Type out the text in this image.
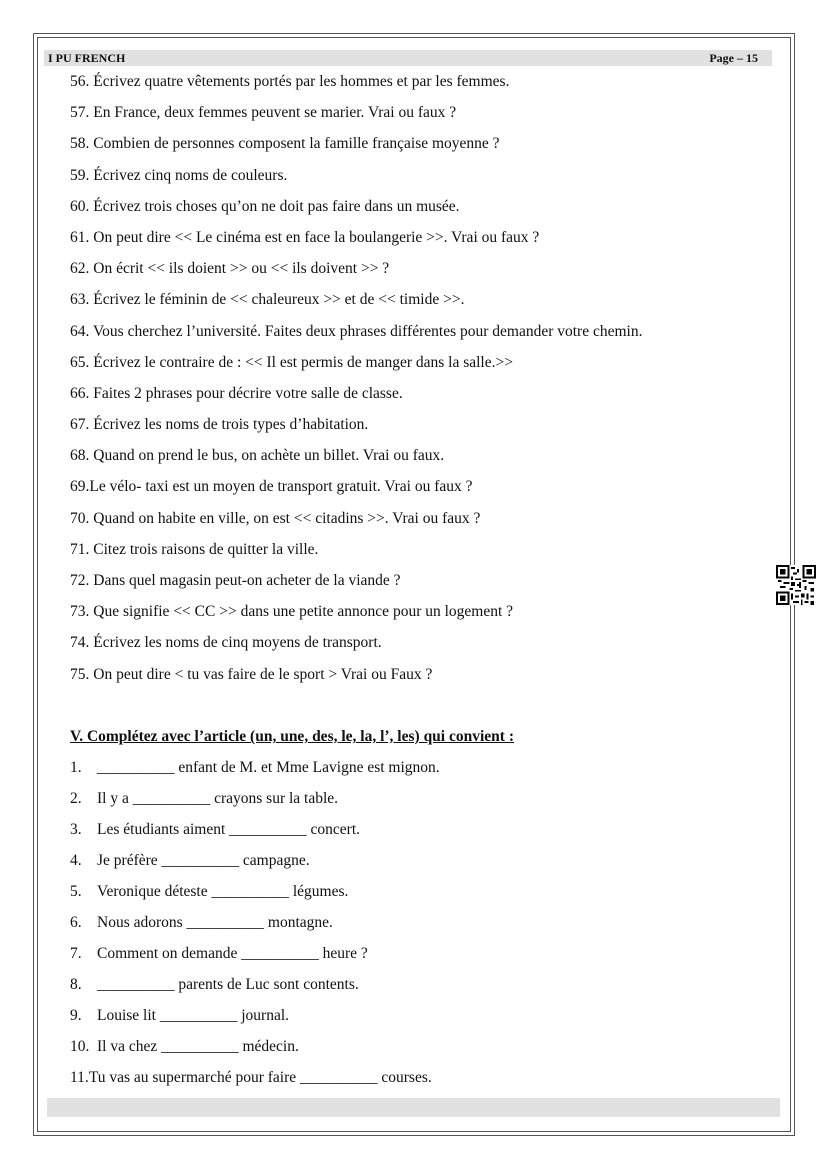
I PU FRENCH	Page – 15
56. Écrivez quatre vêtements portés par les hommes et par les femmes.
57. En France, deux femmes peuvent se marier. Vrai ou faux ?
58. Combien de personnes composent la famille française moyenne ?
59. Écrivez cinq noms de couleurs.
60. Écrivez trois choses qu’on ne doit pas faire dans un musée.
61. On peut dire << Le cinéma est en face la boulangerie >>. Vrai ou faux ?
62. On écrit << ils doient >> ou << ils doivent >> ?
63. Écrivez le féminin de << chaleureux >> et de << timide >>.
64. Vous cherchez l’université. Faites deux phrases différentes pour demander votre chemin.
65. Écrivez le contraire de : << Il est permis de manger dans la salle.>>
66. Faites 2 phrases pour décrire votre salle de classe.
67. Écrivez les noms de trois types d’habitation.
68. Quand on prend le bus, on achète un billet. Vrai ou faux.
69.Le vélo- taxi est un moyen de transport gratuit. Vrai ou faux ?
70. Quand on habite en ville, on est << citadins >>. Vrai ou faux ?
71. Citez trois raisons de quitter la ville.
72. Dans quel magasin peut-on acheter de la viande ?
73. Que signifie << CC >> dans une petite annonce pour un logement ?
74. Écrivez les noms de cinq moyens de transport.
75. On peut dire < tu vas faire de le sport > Vrai ou Faux ?
V. Complétez avec l’article (un, une, des, le, la, l’, les) qui convient :
1. __________ enfant de M. et Mme Lavigne est mignon.
2. Il y a __________ crayons sur la table.
3. Les étudiants aiment __________ concert.
4. Je préfère __________ campagne.
5. Veronique déteste __________ légumes.
6. Nous adorons __________ montagne.
7. Comment on demande __________ heure ?
8. __________ parents de Luc sont contents.
9. Louise lit __________ journal.
10. Il va chez __________ médecin.
11.Tu vas au supermarché pour faire __________ courses.
